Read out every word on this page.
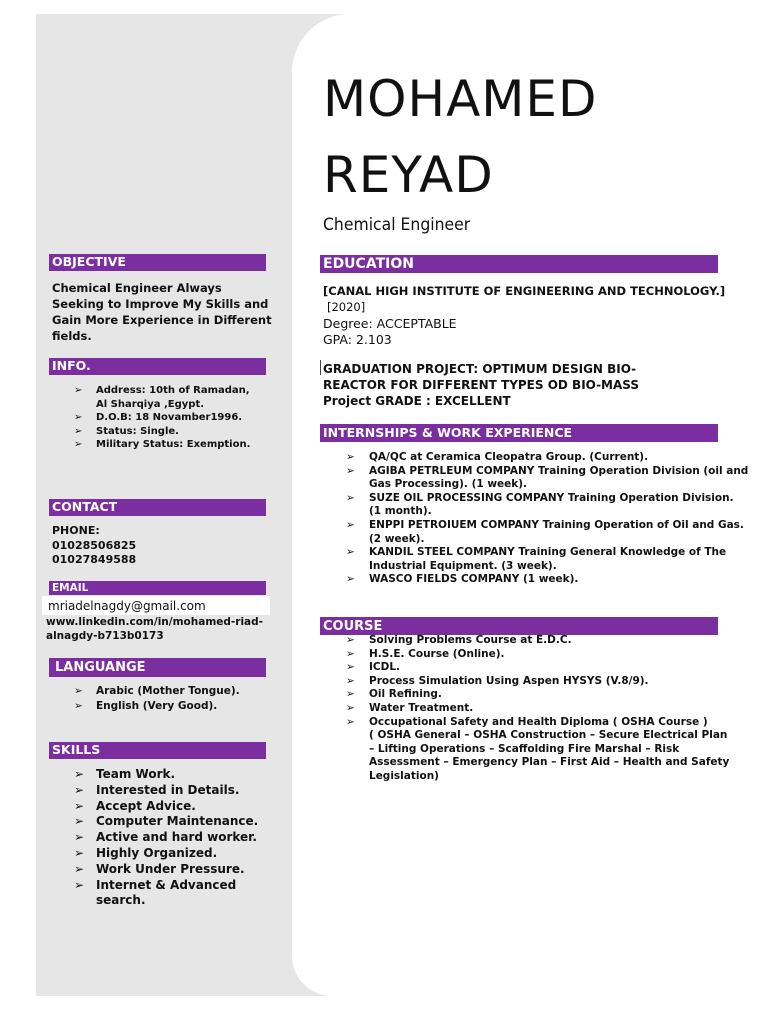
MOHAMED
REYAD
Chemical Engineer
OBJECTIVE
Chemical Engineer Always
Seeking to Improve My Skills and
Gain More Experience in Different
fields.
INFO.
➢ Address: 10th of Ramadan,
Al Sharqiya ,Egypt.
➢ D.O.B: 18 Novamber1996.
➢ Status: Single.
➢ Military Status: Exemption.
CONTACT
PHONE:
01028506825
01027849588
EMAIL
mriadelnagdy@gmail.com
www.linkedin.com/in/mohamed-riad-
alnagdy-b713b0173
LANGUANGE
➢ Arabic (Mother Tongue).
➢ English (Very Good).
SKILLS
➢ Team Work.
➢ Interested in Details.
➢ Accept Advice.
➢ Computer Maintenance.
➢ Active and hard worker.
➢ Highly Organized.
➢ Work Under Pressure.
➢ Internet & Advanced
search.
EDUCATION
[CANAL HIGH INSTITUTE OF ENGINEERING AND TECHNOLOGY.]
[2020]
Degree: ACCEPTABLE
GPA: 2.103
GRADUATION PROJECT: OPTIMUM DESIGN BIO-
REACTOR FOR DIFFERENT TYPES OD BIO-MASS
Project GRADE : EXCELLENT
INTERNSHIPS & WORK EXPERIENCE
➢ QA/QC at Ceramica Cleopatra Group. (Current).
➢ AGIBA PETRLEUM COMPANY Training Operation Division (oil and
Gas Processing). (1 week).
➢ SUZE OIL PROCESSING COMPANY Training Operation Division.
(1 month).
➢ ENPPI PETROIUEM COMPANY Training Operation of Oil and Gas.
(2 week).
➢ KANDIL STEEL COMPANY Training General Knowledge of The
Industrial Equipment. (3 week).
➢ WASCO FIELDS COMPANY (1 week).
COURSE
➢ Solving Problems Course at E.D.C.
➢ H.S.E. Course (Online).
➢ ICDL.
➢ Process Simulation Using Aspen HYSYS (V.8/9).
➢ Oil Refining.
➢ Water Treatment.
➢ Occupational Safety and Health Diploma ( OSHA Course )
( OSHA General – OSHA Construction – Secure Electrical Plan
– Lifting Operations – Scaffolding Fire Marshal – Risk
Assessment – Emergency Plan – First Aid – Health and Safety
Legislation)
